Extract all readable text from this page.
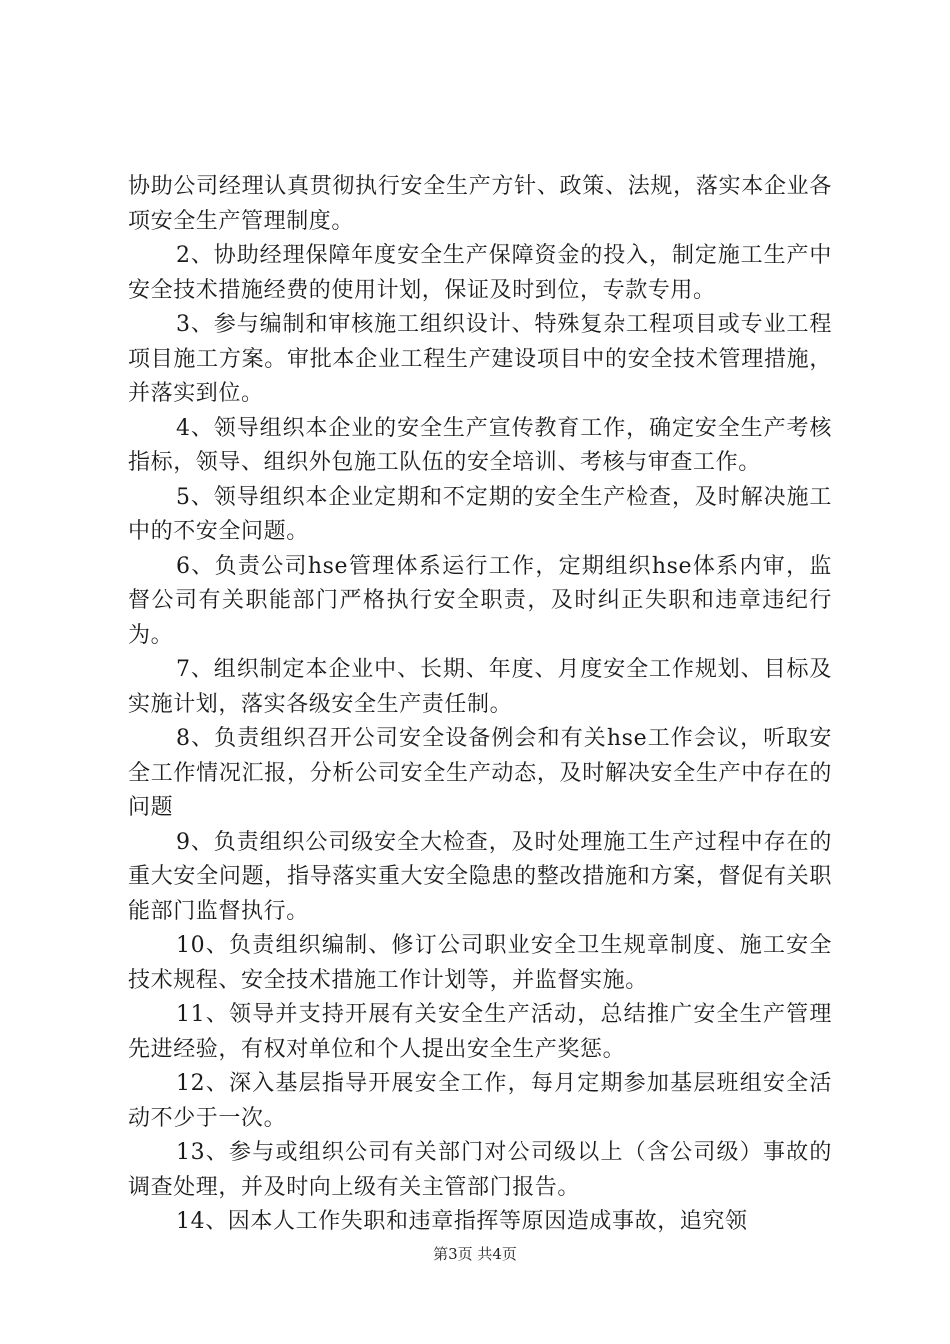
协助公司经理认真贯彻执行安全生产方针、政策、法规，落实本企业各项安全生产管理制度。

2、协助经理保障年度安全生产保障资金的投入，制定施工生产中安全技术措施经费的使用计划，保证及时到位，专款专用。

3、参与编制和审核施工组织设计、特殊复杂工程项目或专业工程项目施工方案。审批本企业工程生产建设项目中的安全技术管理措施，并落实到位。

4、领导组织本企业的安全生产宣传教育工作，确定安全生产考核指标，领导、组织外包施工队伍的安全培训、考核与审查工作。

5、领导组织本企业定期和不定期的安全生产检查，及时解决施工中的不安全问题。

6、负责公司hse管理体系运行工作，定期组织hse体系内审，监督公司有关职能部门严格执行安全职责，及时纠正失职和违章违纪行为。

7、组织制定本企业中、长期、年度、月度安全工作规划、目标及实施计划，落实各级安全生产责任制。

8、负责组织召开公司安全设备例会和有关hse工作会议，听取安全工作情况汇报，分析公司安全生产动态，及时解决安全生产中存在的问题

9、负责组织公司级安全大检查，及时处理施工生产过程中存在的重大安全问题，指导落实重大安全隐患的整改措施和方案，督促有关职能部门监督执行。

10、负责组织编制、修订公司职业安全卫生规章制度、施工安全技术规程、安全技术措施工作计划等，并监督实施。

11、领导并支持开展有关安全生产活动，总结推广安全生产管理先进经验，有权对单位和个人提出安全生产奖惩。

12、深入基层指导开展安全工作，每月定期参加基层班组安全活动不少于一次。

13、参与或组织公司有关部门对公司级以上（含公司级）事故的调查处理，并及时向上级有关主管部门报告。

14、因本人工作失职和违章指挥等原因造成事故，追究领

第3页 共4页
